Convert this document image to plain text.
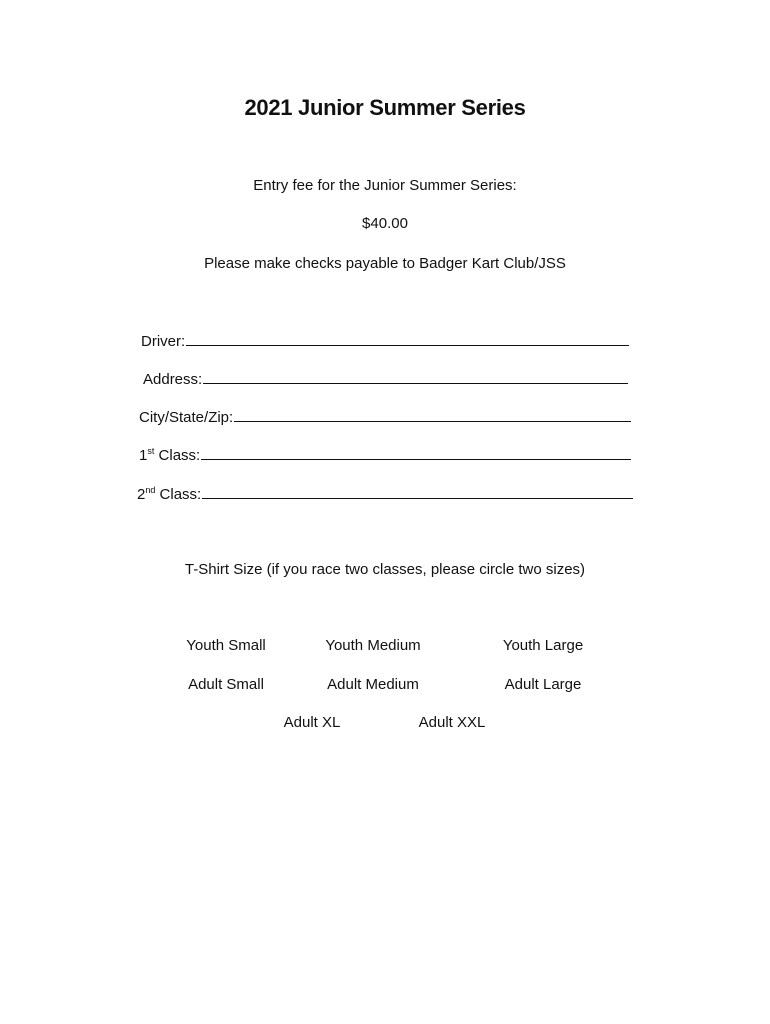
2021 Junior Summer Series
Entry fee for the Junior Summer Series:
$40.00
Please make checks payable to Badger Kart Club/JSS
Driver:
Address:
City/State/Zip:
1st Class:
2nd Class:
T-Shirt Size (if you race two classes, please circle two sizes)
Youth Small	Youth Medium	Youth Large
Adult Small	Adult Medium	Adult Large
Adult XL	Adult XXL
